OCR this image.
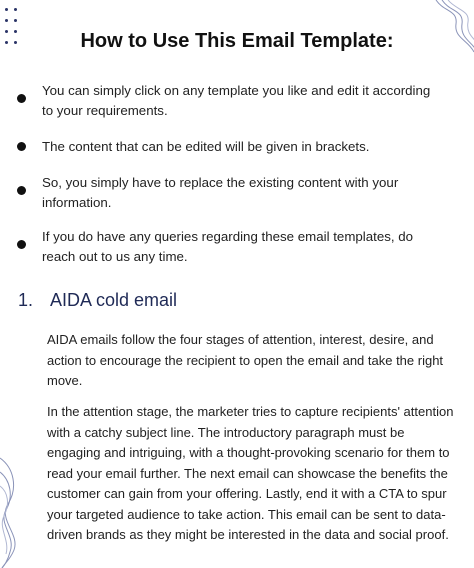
How to Use This Email Template:
You can simply click on any template you like and edit it according to your requirements.
The content that can be edited will be given in brackets.
So, you simply have to replace the existing content with your information.
If you do have any queries regarding these email templates, do reach out to us any time.
1. AIDA cold email
AIDA emails follow the four stages of attention, interest, desire, and action to encourage the recipient to open the email and take the right move.
In the attention stage, the marketer tries to capture recipients' attention with a catchy subject line. The introductory paragraph must be engaging and intriguing, with a thought-provoking scenario for them to read your email further. The next email can showcase the benefits the customer can gain from your offering. Lastly, end it with a CTA to spur your targeted audience to take action. This email can be sent to data-driven brands as they might be interested in the data and social proof.
